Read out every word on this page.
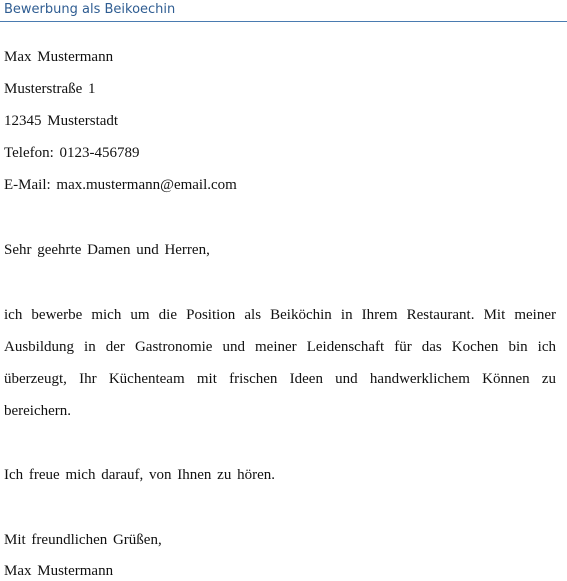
Bewerbung als Beikoechin
Max Mustermann
Musterstraße 1
12345 Musterstadt
Telefon: 0123-456789
E-Mail: max.mustermann@email.com
Sehr geehrte Damen und Herren,
ich bewerbe mich um die Position als Beiköchin in Ihrem Restaurant. Mit meiner Ausbildung in der Gastronomie und meiner Leidenschaft für das Kochen bin ich überzeugt, Ihr Küchenteam mit frischen Ideen und handwerklichem Können zu bereichern.
Ich freue mich darauf, von Ihnen zu hören.
Mit freundlichen Grüßen,
Max Mustermann
